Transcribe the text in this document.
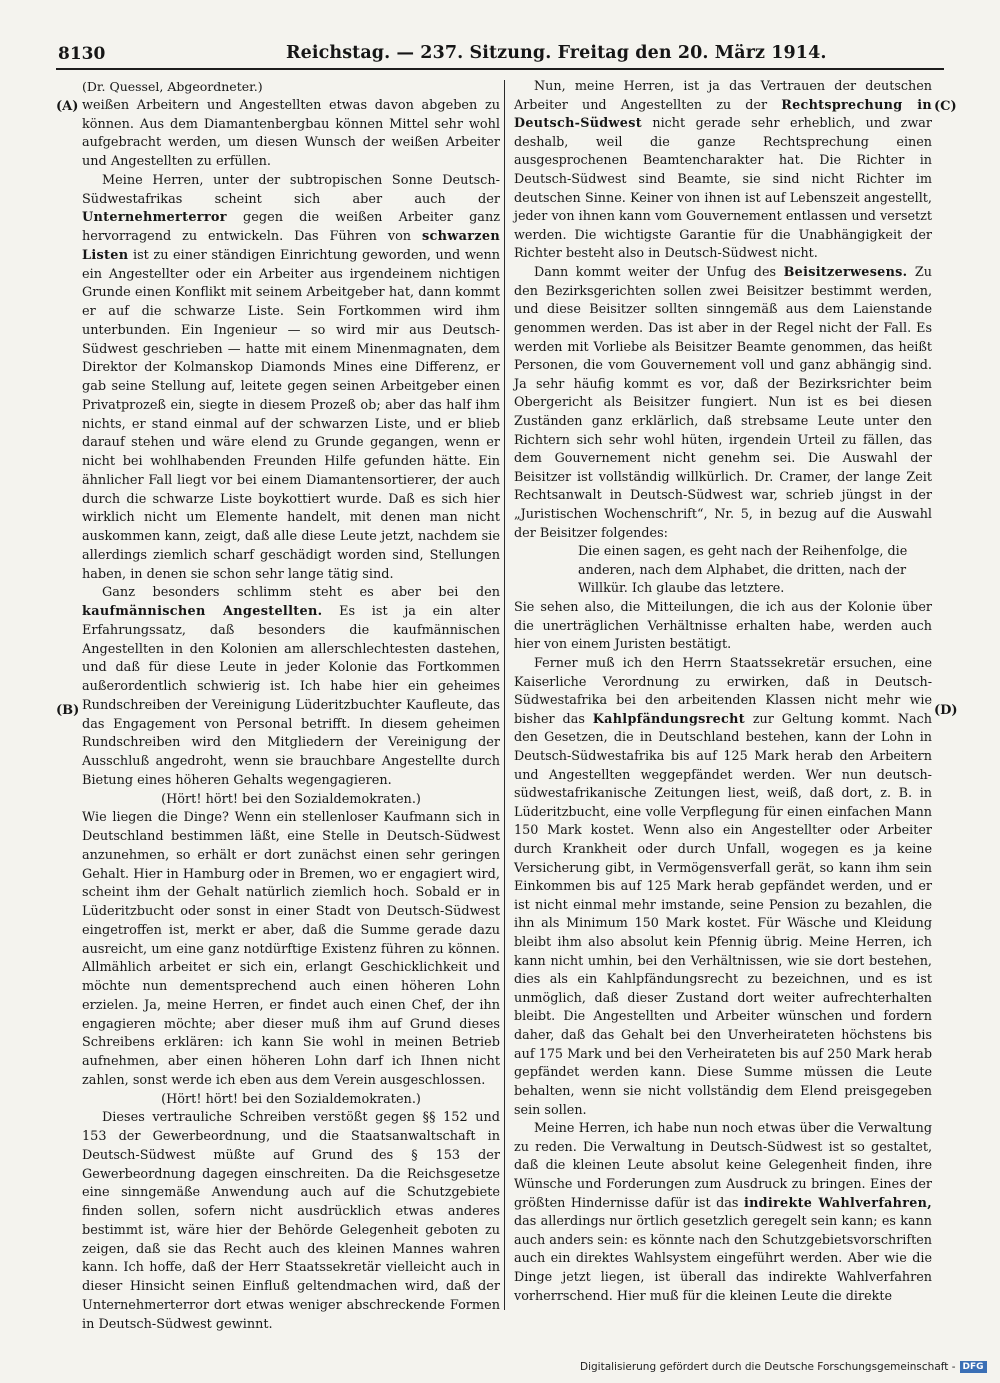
8130	Reichstag. — 237. Sitzung. Freitag den 20. März 1914.
(A)	(C)
(B)	(D)

(Dr. Quessel, Abgeordneter.)

weißen Arbeitern und Angestellten etwas davon abgeben zu können. Aus dem Diamantenbergbau können Mittel sehr wohl aufgebracht werden, um diesen Wunsch der weißen Arbeiter und Angestellten zu erfüllen.

Meine Herren, unter der subtropischen Sonne Deutsch-Südwestafrikas scheint sich aber auch der Unternehmerterror gegen die weißen Arbeiter ganz hervorragend zu entwickeln. Das Führen von schwarzen Listen ist zu einer ständigen Einrichtung geworden, und wenn ein Angestellter oder ein Arbeiter aus irgendeinem nichtigen Grunde einen Konflikt mit seinem Arbeitgeber hat, dann kommt er auf die schwarze Liste. Sein Fortkommen wird ihm unterbunden. Ein Ingenieur — so wird mir aus Deutsch-Südwest geschrieben — hatte mit einem Minenmagnaten, dem Direktor der Kolmanskop Diamonds Mines eine Differenz, er gab seine Stellung auf, leitete gegen seinen Arbeitgeber einen Privatprozeß ein, siegte in diesem Prozeß ob; aber das half ihm nichts, er stand einmal auf der schwarzen Liste, und er blieb darauf stehen und wäre elend zu Grunde gegangen, wenn er nicht bei wohlhabenden Freunden Hilfe gefunden hätte. Ein ähnlicher Fall liegt vor bei einem Diamantensortierer, der auch durch die schwarze Liste boykottiert wurde. Daß es sich hier wirklich nicht um Elemente handelt, mit denen man nicht auskommen kann, zeigt, daß alle diese Leute jetzt, nachdem sie allerdings ziemlich scharf geschädigt worden sind, Stellungen haben, in denen sie schon sehr lange tätig sind.

Ganz besonders schlimm steht es aber bei den kaufmännischen Angestellten. Es ist ja ein alter Erfahrungssatz, daß besonders die kaufmännischen Angestellten in den Kolonien am allerschlechtesten dastehen, und daß für diese Leute in jeder Kolonie das Fortkommen außerordentlich schwierig ist. Ich habe hier ein geheimes Rundschreiben der Vereinigung Lüderitzbuchter Kaufleute, das das Engagement von Personal betrifft. In diesem geheimen Rundschreiben wird den Mitgliedern der Vereinigung der Ausschluß angedroht, wenn sie brauchbare Angestellte durch Bietung eines höheren Gehalts wegengagieren.

(Hört! hört! bei den Sozialdemokraten.)

Wie liegen die Dinge? Wenn ein stellenloser Kaufmann sich in Deutschland bestimmen läßt, eine Stelle in Deutsch-Südwest anzunehmen, so erhält er dort zunächst einen sehr geringen Gehalt. Hier in Hamburg oder in Bremen, wo er engagiert wird, scheint ihm der Gehalt natürlich ziemlich hoch. Sobald er in Lüderitzbucht oder sonst in einer Stadt von Deutsch-Südwest eingetroffen ist, merkt er aber, daß die Summe gerade dazu ausreicht, um eine ganz notdürftige Existenz führen zu können. Allmählich arbeitet er sich ein, erlangt Geschicklichkeit und möchte nun dementsprechend auch einen höheren Lohn erzielen. Ja, meine Herren, er findet auch einen Chef, der ihn engagieren möchte; aber dieser muß ihm auf Grund dieses Schreibens erklären: ich kann Sie wohl in meinen Betrieb aufnehmen, aber einen höheren Lohn darf ich Ihnen nicht zahlen, sonst werde ich eben aus dem Verein ausgeschlossen.

(Hört! hört! bei den Sozialdemokraten.)

Dieses vertrauliche Schreiben verstößt gegen §§ 152 und 153 der Gewerbeordnung, und die Staatsanwaltschaft in Deutsch-Südwest müßte auf Grund des § 153 der Gewerbeordnung dagegen einschreiten. Da die Reichsgesetze eine sinngemäße Anwendung auch auf die Schutzgebiete finden sollen, sofern nicht ausdrücklich etwas anderes bestimmt ist, wäre hier der Behörde Gelegenheit geboten zu zeigen, daß sie das Recht auch des kleinen Mannes wahren kann. Ich hoffe, daß der Herr Staatssekretär vielleicht auch in dieser Hinsicht seinen Einfluß geltendmachen wird, daß der Unternehmerterror dort etwas weniger abschreckende Formen in Deutsch-Südwest gewinnt.

Nun, meine Herren, ist ja das Vertrauen der deutschen Arbeiter und Angestellten zu der Rechtsprechung in Deutsch-Südwest nicht gerade sehr erheblich, und zwar deshalb, weil die ganze Rechtsprechung einen ausgesprochenen Beamtencharakter hat. Die Richter in Deutsch-Südwest sind Beamte, sie sind nicht Richter im deutschen Sinne. Keiner von ihnen ist auf Lebenszeit angestellt, jeder von ihnen kann vom Gouvernement entlassen und versetzt werden. Die wichtigste Garantie für die Unabhängigkeit der Richter besteht also in Deutsch-Südwest nicht.

Dann kommt weiter der Unfug des Beisitzerwesens. Zu den Bezirksgerichten sollen zwei Beisitzer bestimmt werden, und diese Beisitzer sollten sinngemäß aus dem Laienstande genommen werden. Das ist aber in der Regel nicht der Fall. Es werden mit Vorliebe als Beisitzer Beamte genommen, das heißt Personen, die vom Gouvernement voll und ganz abhängig sind. Ja sehr häufig kommt es vor, daß der Bezirksrichter beim Obergericht als Beisitzer fungiert. Nun ist es bei diesen Zuständen ganz erklärlich, daß strebsame Leute unter den Richtern sich sehr wohl hüten, irgendein Urteil zu fällen, das dem Gouvernement nicht genehm sei. Die Auswahl der Beisitzer ist vollständig willkürlich. Dr. Cramer, der lange Zeit Rechtsanwalt in Deutsch-Südwest war, schrieb jüngst in der „Juristischen Wochenschrift“, Nr. 5, in bezug auf die Auswahl der Beisitzer folgendes:

Die einen sagen, es geht nach der Reihenfolge, die anderen, nach dem Alphabet, die dritten, nach der Willkür. Ich glaube das letztere.

Sie sehen also, die Mitteilungen, die ich aus der Kolonie über die unerträglichen Verhältnisse erhalten habe, werden auch hier von einem Juristen bestätigt.

Ferner muß ich den Herrn Staatssekretär ersuchen, eine Kaiserliche Verordnung zu erwirken, daß in Deutsch-Südwestafrika bei den arbeitenden Klassen nicht mehr wie bisher das Kahlpfändungsrecht zur Geltung kommt. Nach den Gesetzen, die in Deutschland bestehen, kann der Lohn in Deutsch-Südwestafrika bis auf 125 Mark herab den Arbeitern und Angestellten weggepfändet werden. Wer nun deutsch-südwestafrikanische Zeitungen liest, weiß, daß dort, z. B. in Lüderitzbucht, eine volle Verpflegung für einen einfachen Mann 150 Mark kostet. Wenn also ein Angestellter oder Arbeiter durch Krankheit oder durch Unfall, wogegen es ja keine Versicherung gibt, in Vermögensverfall gerät, so kann ihm sein Einkommen bis auf 125 Mark herab gepfändet werden, und er ist nicht einmal mehr imstande, seine Pension zu bezahlen, die ihn als Minimum 150 Mark kostet. Für Wäsche und Kleidung bleibt ihm also absolut kein Pfennig übrig. Meine Herren, ich kann nicht umhin, bei den Verhältnissen, wie sie dort bestehen, dies als ein Kahlpfändungsrecht zu bezeichnen, und es ist unmöglich, daß dieser Zustand dort weiter aufrechterhalten bleibt. Die Angestellten und Arbeiter wünschen und fordern daher, daß das Gehalt bei den Unverheirateten höchstens bis auf 175 Mark und bei den Verheirateten bis auf 250 Mark herab gepfändet werden kann. Diese Summe müssen die Leute behalten, wenn sie nicht vollständig dem Elend preisgegeben sein sollen.

Meine Herren, ich habe nun noch etwas über die Verwaltung zu reden. Die Verwaltung in Deutsch-Südwest ist so gestaltet, daß die kleinen Leute absolut keine Gelegenheit finden, ihre Wünsche und Forderungen zum Ausdruck zu bringen. Eines der größten Hindernisse dafür ist das indirekte Wahlverfahren, das allerdings nur örtlich gesetzlich geregelt sein kann; es kann auch anders sein: es könnte nach den Schutzgebietsvorschriften auch ein direktes Wahlsystem eingeführt werden. Aber wie die Dinge jetzt liegen, ist überall das indirekte Wahlverfahren vorherrschend. Hier muß für die kleinen Leute die direkte

Digitalisierung gefördert durch die Deutsche Forschungsgemeinschaft - DFG
